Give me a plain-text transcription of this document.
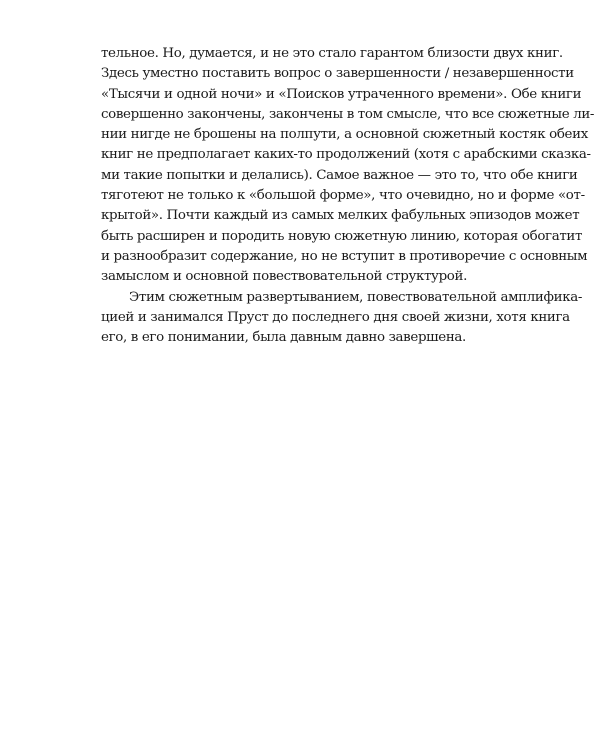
тельное. Но, думается, и не это стало гарантом близости двух книг.
Здесь уместно поставить вопрос о завершенности / незавершенности
«Тысячи и одной ночи» и «Поисков утраченного времени». Обе книги
совершенно закончены, закончены в том смысле, что все сюжетные ли-
нии нигде не брошены на полпути, а основной сюжетный костяк обеих
книг не предполагает каких-то продолжений (хотя с арабскими сказка-
ми такие попытки и делались). Самое важное — это то, что обе книги
тяготеют не только к «большой форме», что очевидно, но и форме «от-
крытой». Почти каждый из самых мелких фабульных эпизодов может
быть расширен и породить новую сюжетную линию, которая обогатит
и разнообразит содержание, но не вступит в противоречие с основным
замыслом и основной повествовательной структурой.
Этим сюжетным развертыванием, повествовательной амплифика-
цией и занимался Пруст до последнего дня своей жизни, хотя книга
его, в его понимании, была давным давно завершена.
